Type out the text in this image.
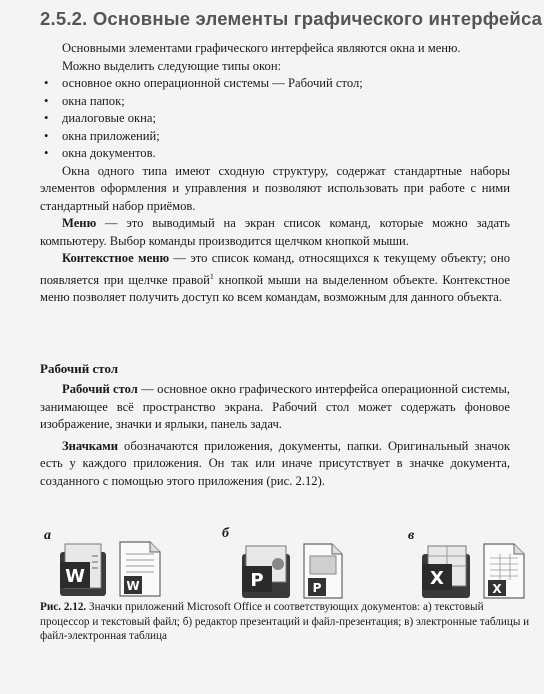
2.5.2. Основные элементы графического интерфейса

Основными элементами графического интерфейса являются окна и меню.

Можно выделить следующие типы окон:

• основное окно операционной системы — Рабочий стол;
• окна папок;
• диалоговые окна;
• окна приложений;
• окна документов.

Окна одного типа имеют сходную структуру, содержат стандартные наборы элементов оформления и управления и позволяют использовать при работе с ними стандартный набор приёмов.

Меню — это выводимый на экран список команд, которые можно задать компьютеру. Выбор команды производится щелчком кнопкой мыши.

Контекстное меню — это список команд, относящихся к текущему объекту; оно появляется при щелчке правой$^1$ кнопкой мыши на выделенном объекте. Контекстное меню позволяет получить доступ ко всем командам, возможным для данного объекта.

Рабочий стол

Рабочий стол — основное окно графического интерфейса операционной системы, занимающее всё пространство экрана. Рабочий стол может содержать фоновое изображение, значки и ярлыки, панель задач.

Значками обозначаются приложения, документы, папки. Оригинальный значок есть у каждого приложения. Он так или иначе присутствует в значке документа, созданного с помощью этого приложения (рис. 2.12).

а	б	в
W	W	P	P	X	X
Рис. 2.12. Значки приложений Microsoft Office и соответствующих документов: а) текстовый процессор и текстовый файл; б) редактор презентаций и файл-презентация; в) электронные таблицы и файл-электронная таблица
